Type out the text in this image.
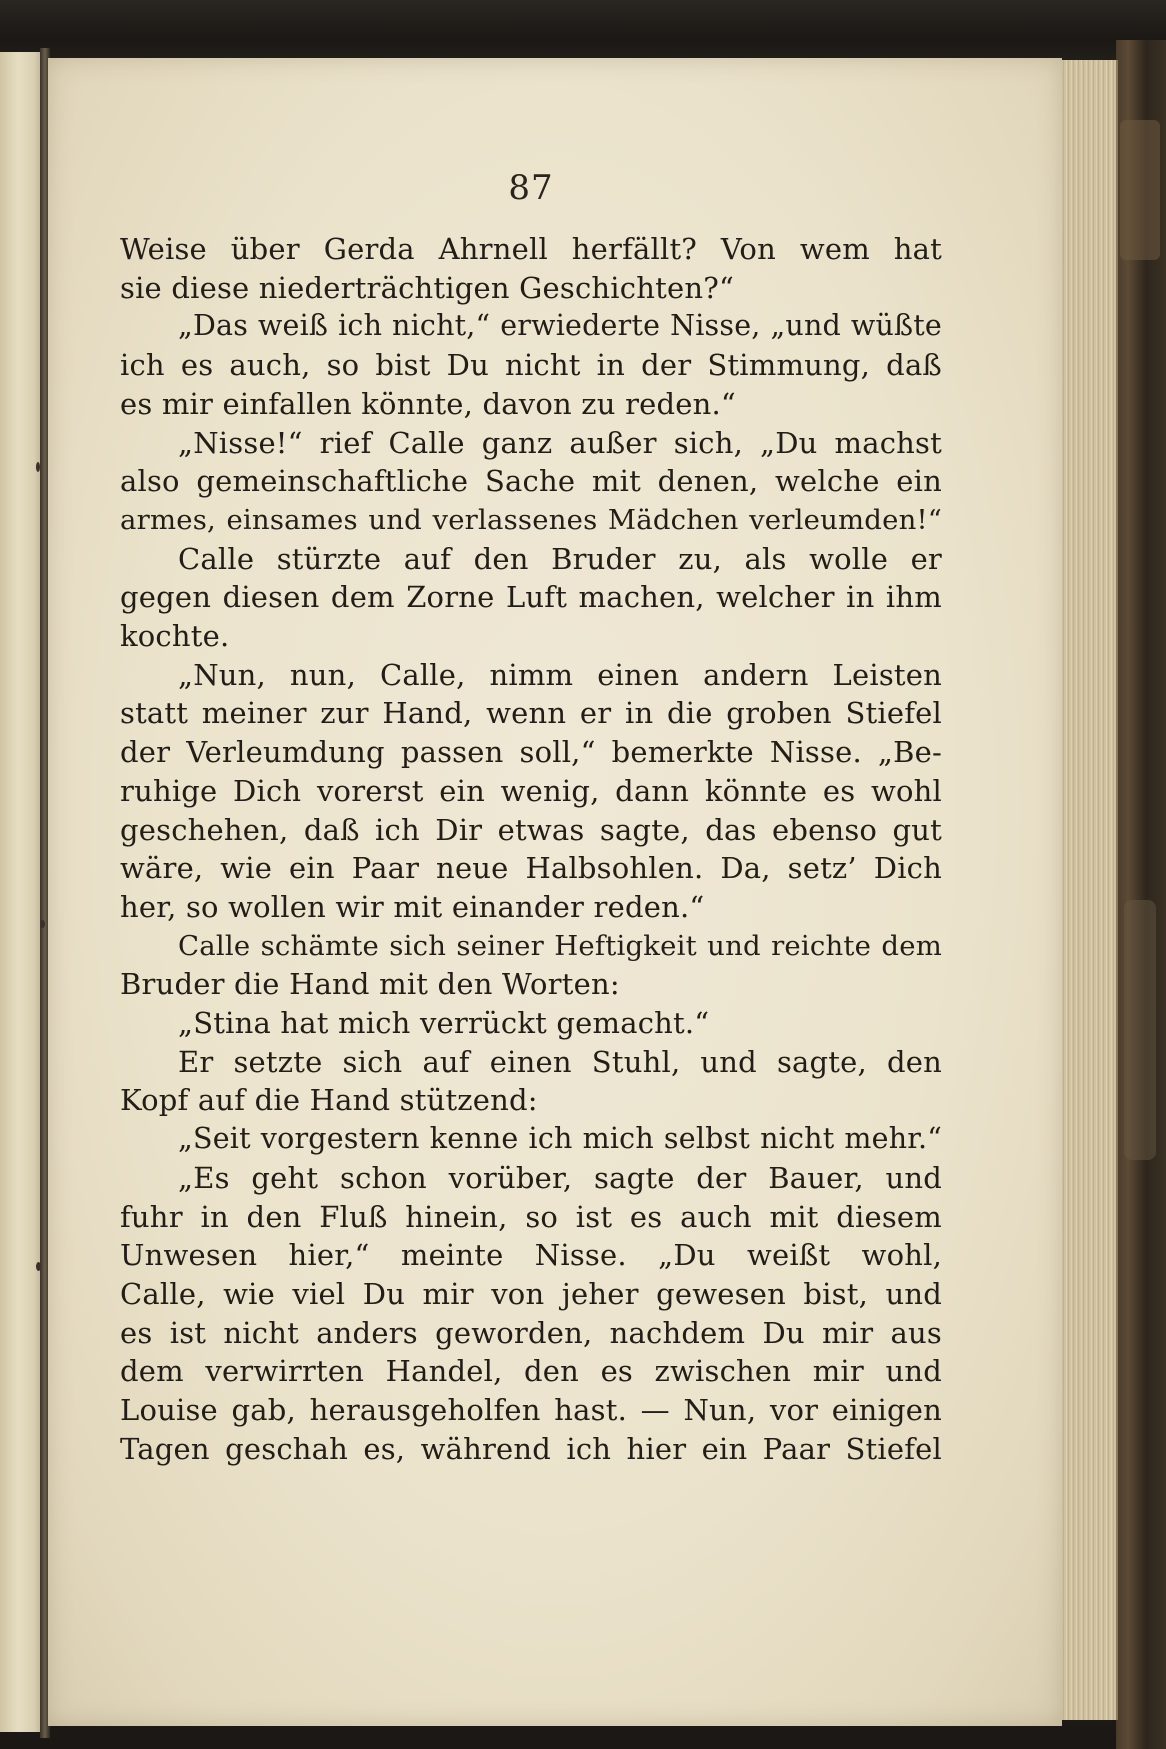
87
Weise über Gerda Ahrnell herfällt? Von wem hat
sie diese niederträchtigen Geschichten?“
„Das weiß ich nicht,“ erwiederte Nisse, „und wüßte
ich es auch, so bist Du nicht in der Stimmung, daß
es mir einfallen könnte, davon zu reden.“
„Nisse!“ rief Calle ganz außer sich, „Du machst
also gemeinschaftliche Sache mit denen, welche ein
armes, einsames und verlassenes Mädchen verleumden!“
Calle stürzte auf den Bruder zu, als wolle er
gegen diesen dem Zorne Luft machen, welcher in ihm
kochte.
„Nun, nun, Calle, nimm einen andern Leisten
statt meiner zur Hand, wenn er in die groben Stiefel
der Verleumdung passen soll,“ bemerkte Nisse. „Be-
ruhige Dich vorerst ein wenig, dann könnte es wohl
geschehen, daß ich Dir etwas sagte, das ebenso gut
wäre, wie ein Paar neue Halbsohlen. Da, setz’ Dich
her, so wollen wir mit einander reden.“
Calle schämte sich seiner Heftigkeit und reichte dem
Bruder die Hand mit den Worten:
„Stina hat mich verrückt gemacht.“
Er setzte sich auf einen Stuhl, und sagte, den
Kopf auf die Hand stützend:
„Seit vorgestern kenne ich mich selbst nicht mehr.“
„Es geht schon vorüber, sagte der Bauer, und
fuhr in den Fluß hinein, so ist es auch mit diesem
Unwesen hier,“ meinte Nisse. „Du weißt wohl,
Calle, wie viel Du mir von jeher gewesen bist, und
es ist nicht anders geworden, nachdem Du mir aus
dem verwirrten Handel, den es zwischen mir und
Louise gab, herausgeholfen hast. — Nun, vor einigen
Tagen geschah es, während ich hier ein Paar Stiefel
